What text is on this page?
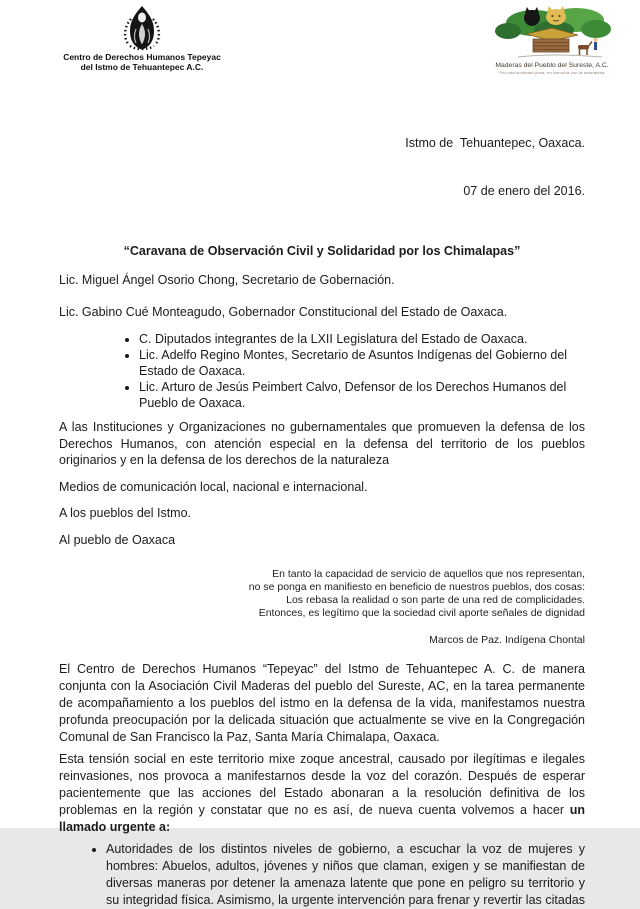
Centro de Derechos Humanos Tepeyac
del Istmo de Tehuantepec A.C.	Maderas del Pueblo del Sureste, A.C.
Por una sociedad justa, en armonía con la naturaleza

Istmo de  Tehuantepec, Oaxaca.

07 de enero del 2016.

“Caravana de Observación Civil y Solidaridad por los Chimalapas”

Lic. Miguel Ángel Osorio Chong, Secretario de Gobernación.

Lic. Gabino Cué Monteagudo, Gobernador Constitucional del Estado de Oaxaca.

• C. Diputados integrantes de la LXII Legislatura del Estado de Oaxaca.
• Lic. Adelfo Regino Montes, Secretario de Asuntos Indígenas del Gobierno del Estado de Oaxaca.
• Lic. Arturo de Jesús Peimbert Calvo, Defensor de los Derechos Humanos del Pueblo de Oaxaca.

A las Instituciones y Organizaciones no gubernamentales que promueven la defensa de los Derechos Humanos, con atención especial en la defensa del territorio de los pueblos originarios y en la defensa de los derechos de la naturaleza

Medios de comunicación local, nacional e internacional.

A los pueblos del Istmo.

Al pueblo de Oaxaca

En tanto la capacidad de servicio de aquellos que nos representan,
no se ponga en manifiesto en beneficio de nuestros pueblos, dos cosas:
Los rebasa la realidad o son parte de una red de complicidades.
Entonces, es legítimo que la sociedad civil aporte señales de dignidad
Marcos de Paz. Indígena Chontal

El Centro de Derechos Humanos “Tepeyac” del Istmo de Tehuantepec A. C. de manera conjunta con la Asociación Civil Maderas del pueblo del Sureste, AC, en la tarea permanente de acompañamiento a los pueblos del istmo en la defensa de la vida, manifestamos nuestra profunda preocupación por la delicada situación que actualmente se vive en la Congregación Comunal de San Francisco la Paz, Santa María Chimalapa, Oaxaca.

Esta tensión social en este territorio mixe zoque ancestral, causado por ilegítimas e ilegales reinvasiones, nos provoca a manifestarnos desde la voz del corazón. Después de esperar pacientemente que las acciones del Estado abonaran a la resolución definitiva de los problemas en la región y constatar que no es así, de nueva cuenta volvemos a hacer un llamado urgente a:

• Autoridades de los distintos niveles de gobierno, a escuchar la voz de mujeres y hombres: Abuelos, adultos, jóvenes y niños que claman, exigen y se manifiestan de diversas maneras por detener la amenaza latente que pone en peligro su territorio y su integridad física. Asimismo, la urgente intervención para frenar y revertir las citadas
